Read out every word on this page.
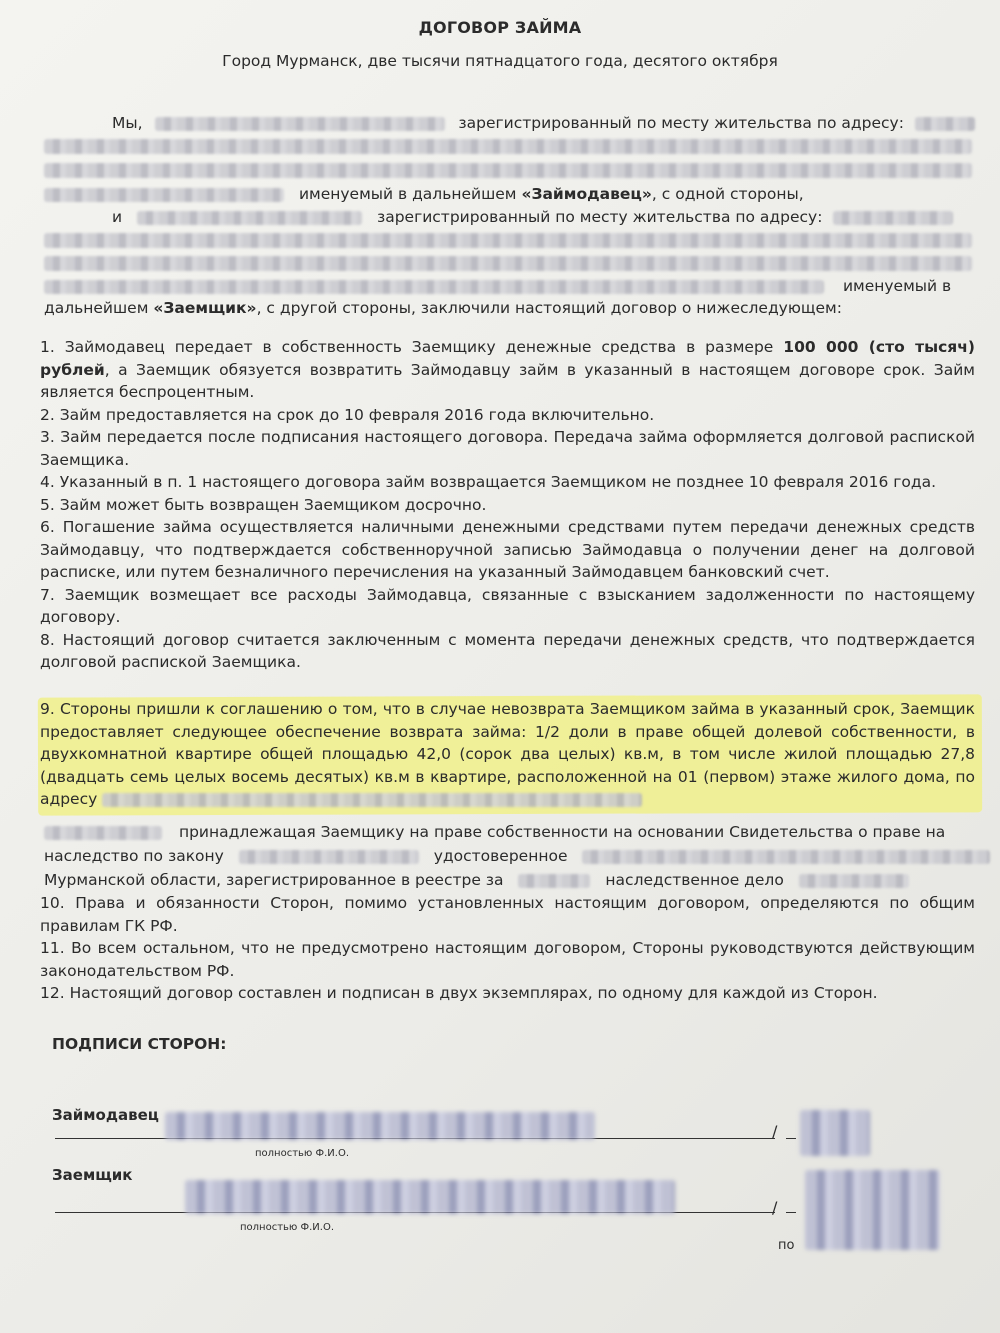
ДОГОВОР ЗАЙМА
Город Мурманск, две тысячи пятнадцатого года, десятого октября
Мы,	зарегистрированный по месту жительства по адресу:
именуемый в дальнейшем «Займодавец», с одной стороны,
и	зарегистрированный по месту жительства по адресу:
именуемый в
дальнейшем «Заемщик», с другой стороны, заключили настоящий договор о нижеследующем:

1. Займодавец передает в собственность Заемщику денежные средства в размере 100 000 (сто тысяч) рублей, а Заемщик обязуется возвратить Займодавцу займ в указанный в настоящем договоре срок. Займ является беспроцентным.

2. Займ предоставляется на срок до 10 февраля 2016 года включительно.

3. Займ передается после подписания настоящего договора. Передача займа оформляется долговой распиской Заемщика.

4. Указанный в п. 1 настоящего договора займ возвращается Заемщиком не позднее 10 февраля 2016 года.

5. Займ может быть возвращен Заемщиком досрочно.

6. Погашение займа осуществляется наличными денежными средствами путем передачи денежных средств Займодавцу, что подтверждается собственноручной записью Займодавца о получении денег на долговой расписке, или путем безналичного перечисления на указанный Займодавцем банковский счет.

7. Заемщик возмещает все расходы Займодавца, связанные с взысканием задолженности по настоящему договору.

8. Настоящий договор считается заключенным с момента передачи денежных средств, что подтверждается долговой распиской Заемщика.

9. Стороны пришли к соглашению о том, что в случае невозврата Заемщиком займа в указанный срок, Заемщик предоставляет следующее обеспечение возврата займа: 1/2 доли в праве общей долевой собственности, в двухкомнатной квартире общей площадью 42,0 (сорок два целых) кв.м, в том числе жилой площадью 27,8 (двадцать семь целых восемь десятых) кв.м в квартире, расположенной на 01 (первом) этаже жилого дома, по адресу

принадлежащая Заемщику на праве собственности на основании Свидетельства о праве на
наследство по закону	удостоверенное
Мурманской области, зарегистрированное в реестре за	наследственное дело

10. Права и обязанности Сторон, помимо установленных настоящим договором, определяются по общим правилам ГК РФ.

11. Во всем остальном, что не предусмотрено настоящим договором, Стороны руководствуются действующим законодательством РФ.

12. Настоящий договор составлен и подписан в двух экземплярах, по одному для каждой из Сторон.

ПОДПИСИ СТОРОН:
Займодавец
/
полностью Ф.И.О.
Заемщик
/
полностью Ф.И.О.
по
